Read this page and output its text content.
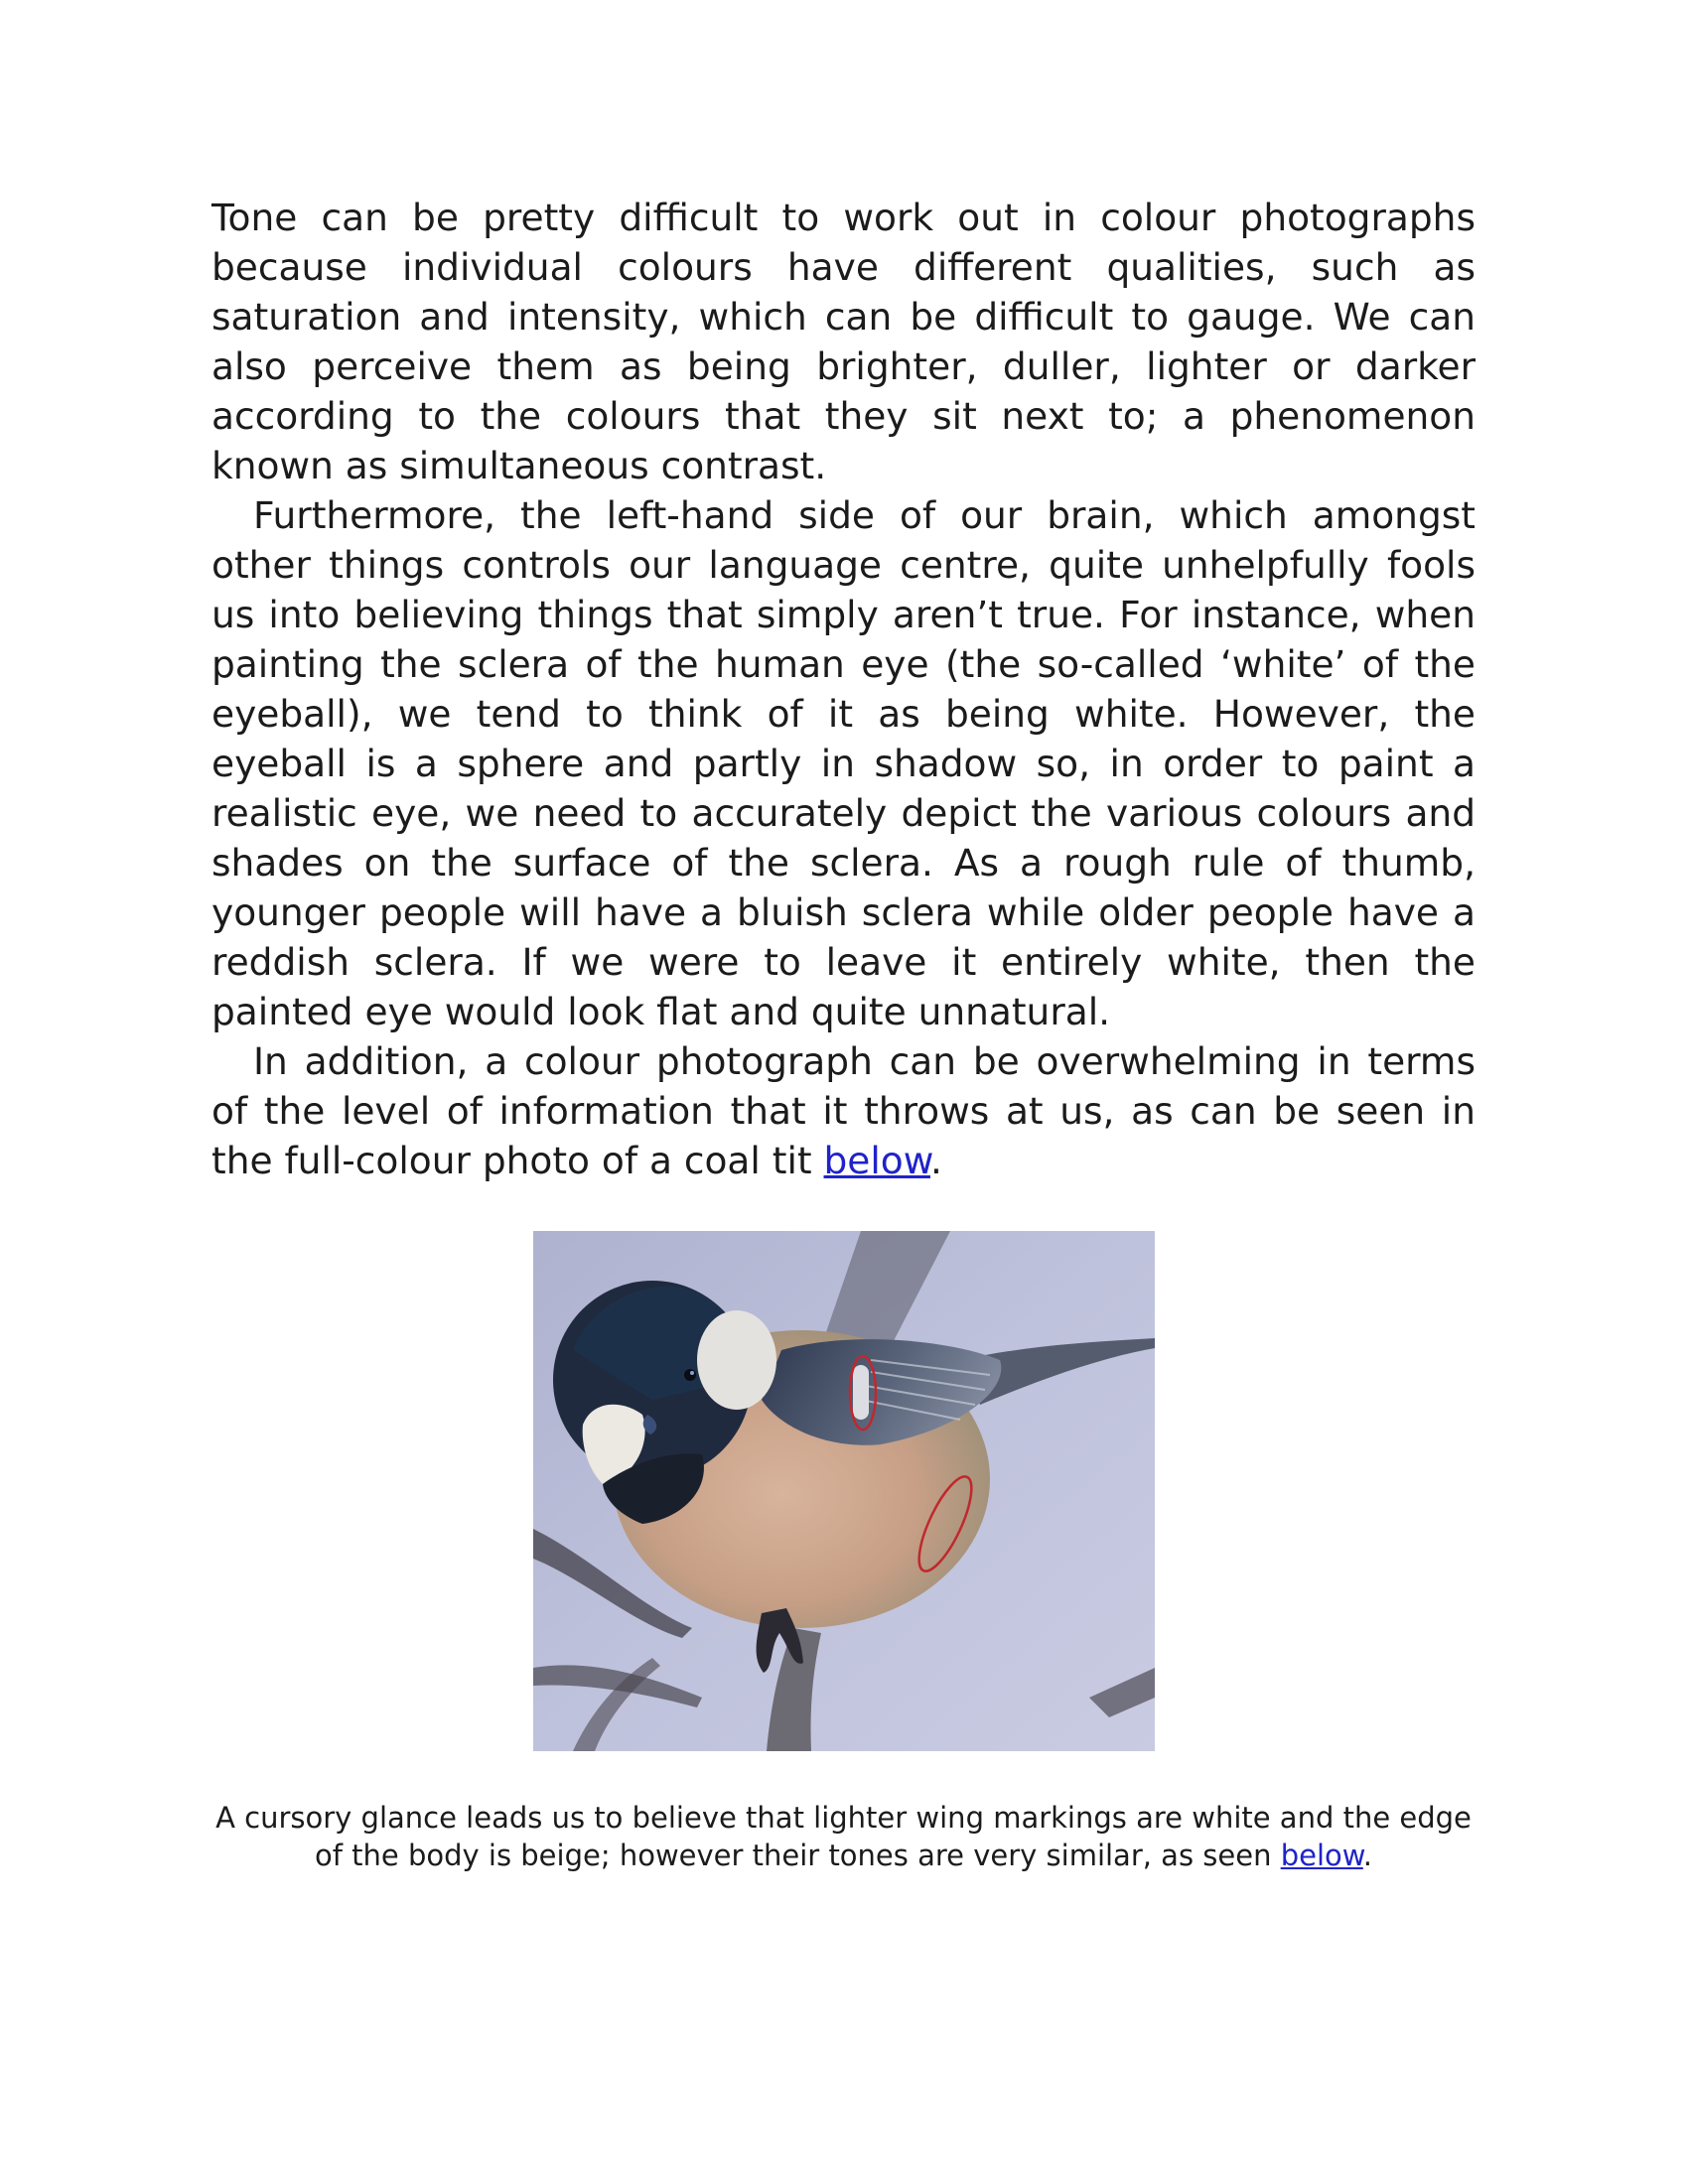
Tone can be pretty difficult to work out in colour photographs because individual colours have different qualities, such as saturation and intensity, which can be difficult to gauge. We can also perceive them as being brighter, duller, lighter or darker according to the colours that they sit next to; a phenomenon known as simultaneous contrast.

Furthermore, the left-hand side of our brain, which amongst other things controls our language centre, quite unhelpfully fools us into believing things that simply aren’t true. For instance, when painting the sclera of the human eye (the so-called ‘white’ of the eyeball), we tend to think of it as being white. However, the eyeball is a sphere and partly in shadow so, in order to paint a realistic eye, we need to accurately depict the various colours and shades on the surface of the sclera. As a rough rule of thumb, younger people will have a bluish sclera while older people have a reddish sclera. If we were to leave it entirely white, then the painted eye would look flat and quite unnatural.

In addition, a colour photograph can be overwhelming in terms of the level of information that it throws at us, as can be seen in the full-colour photo of a coal tit below.

A cursory glance leads us to believe that lighter wing markings are white and the edge of the body is beige; however their tones are very similar, as seen below.
